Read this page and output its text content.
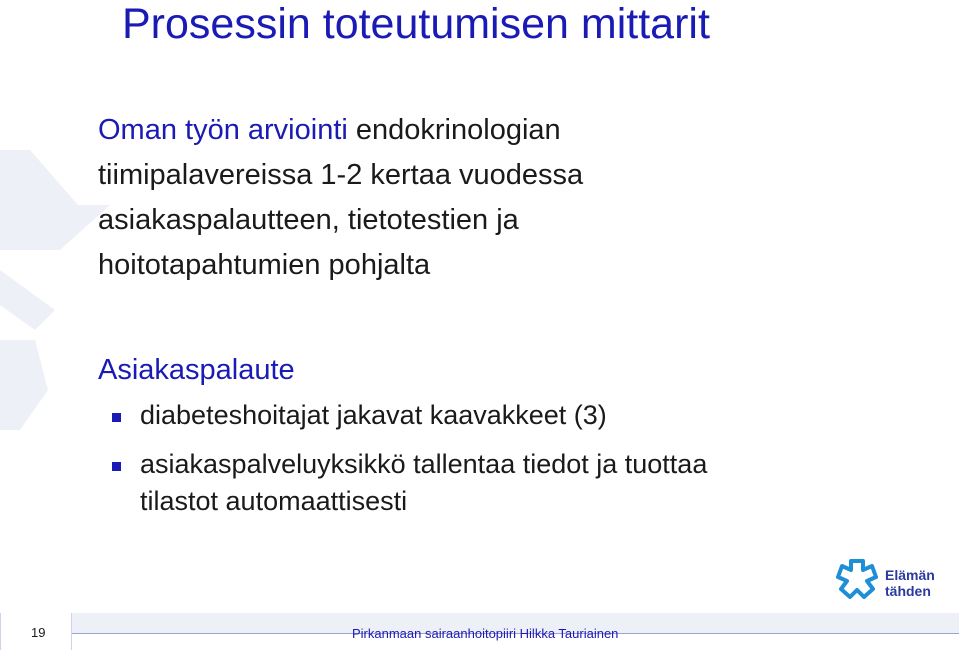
Prosessin toteutumisen mittarit
Oman työn arviointi endokrinologian
tiimipalavereissa 1-2 kertaa vuodessa
asiakaspalautteen, tietotestien ja
hoitotapahtumien pohjalta
Asiakaspalaute
diabeteshoitajat jakavat kaavakkeet (3)
asiakaspalveluyksikkö tallentaa tiedot ja tuottaa
tilastot automaattisesti
Elämän
tähden
19	Pirkanmaan sairaanhoitopiiri Hilkka Tauriainen
